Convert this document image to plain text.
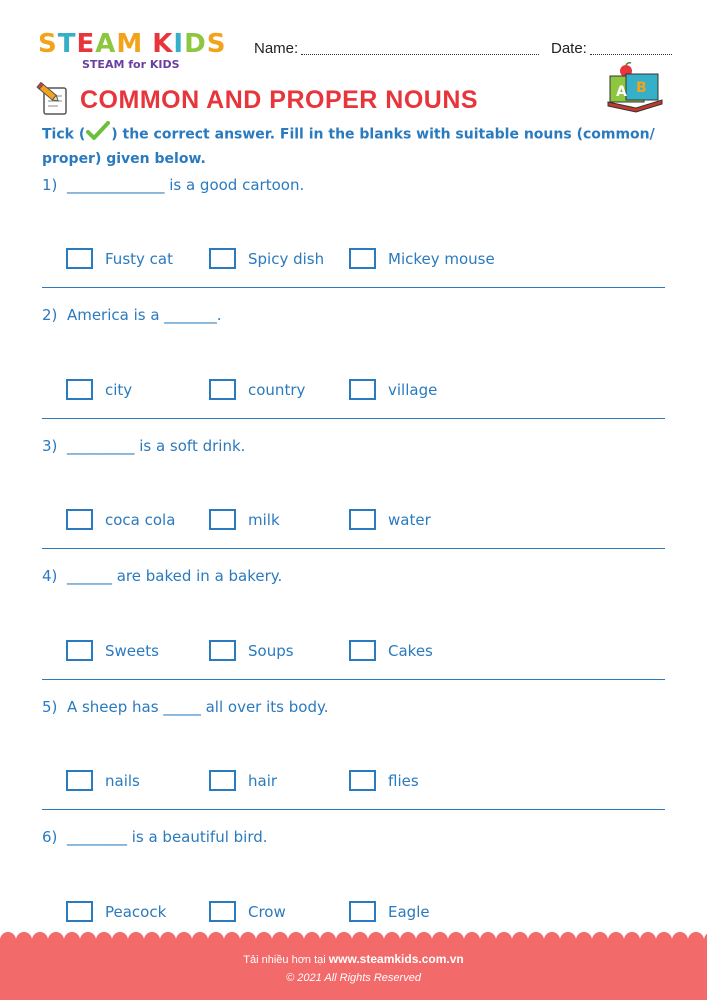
STEAM KIDS
STEAM for KIDS
Name:	Date:
COMMON AND PROPER NOUNS	A B
Tick ( ) the correct answer. Fill in the blanks with suitable nouns (common/ proper) given below.
1) _____________ is a good cartoon.
Fusty cat	Spicy dish	Mickey mouse
2) America is a _______.
city	country	village
3) _________ is a soft drink.
coca cola	milk	water
4) ______ are baked in a bakery.
Sweets	Soups	Cakes
5) A sheep has _____ all over its body.
nails	hair	flies
6) ________ is a beautiful bird.
Peacock	Crow	Eagle
Tải nhiều hơn tại www.steamkids.com.vn
© 2021 All Rights Reserved
